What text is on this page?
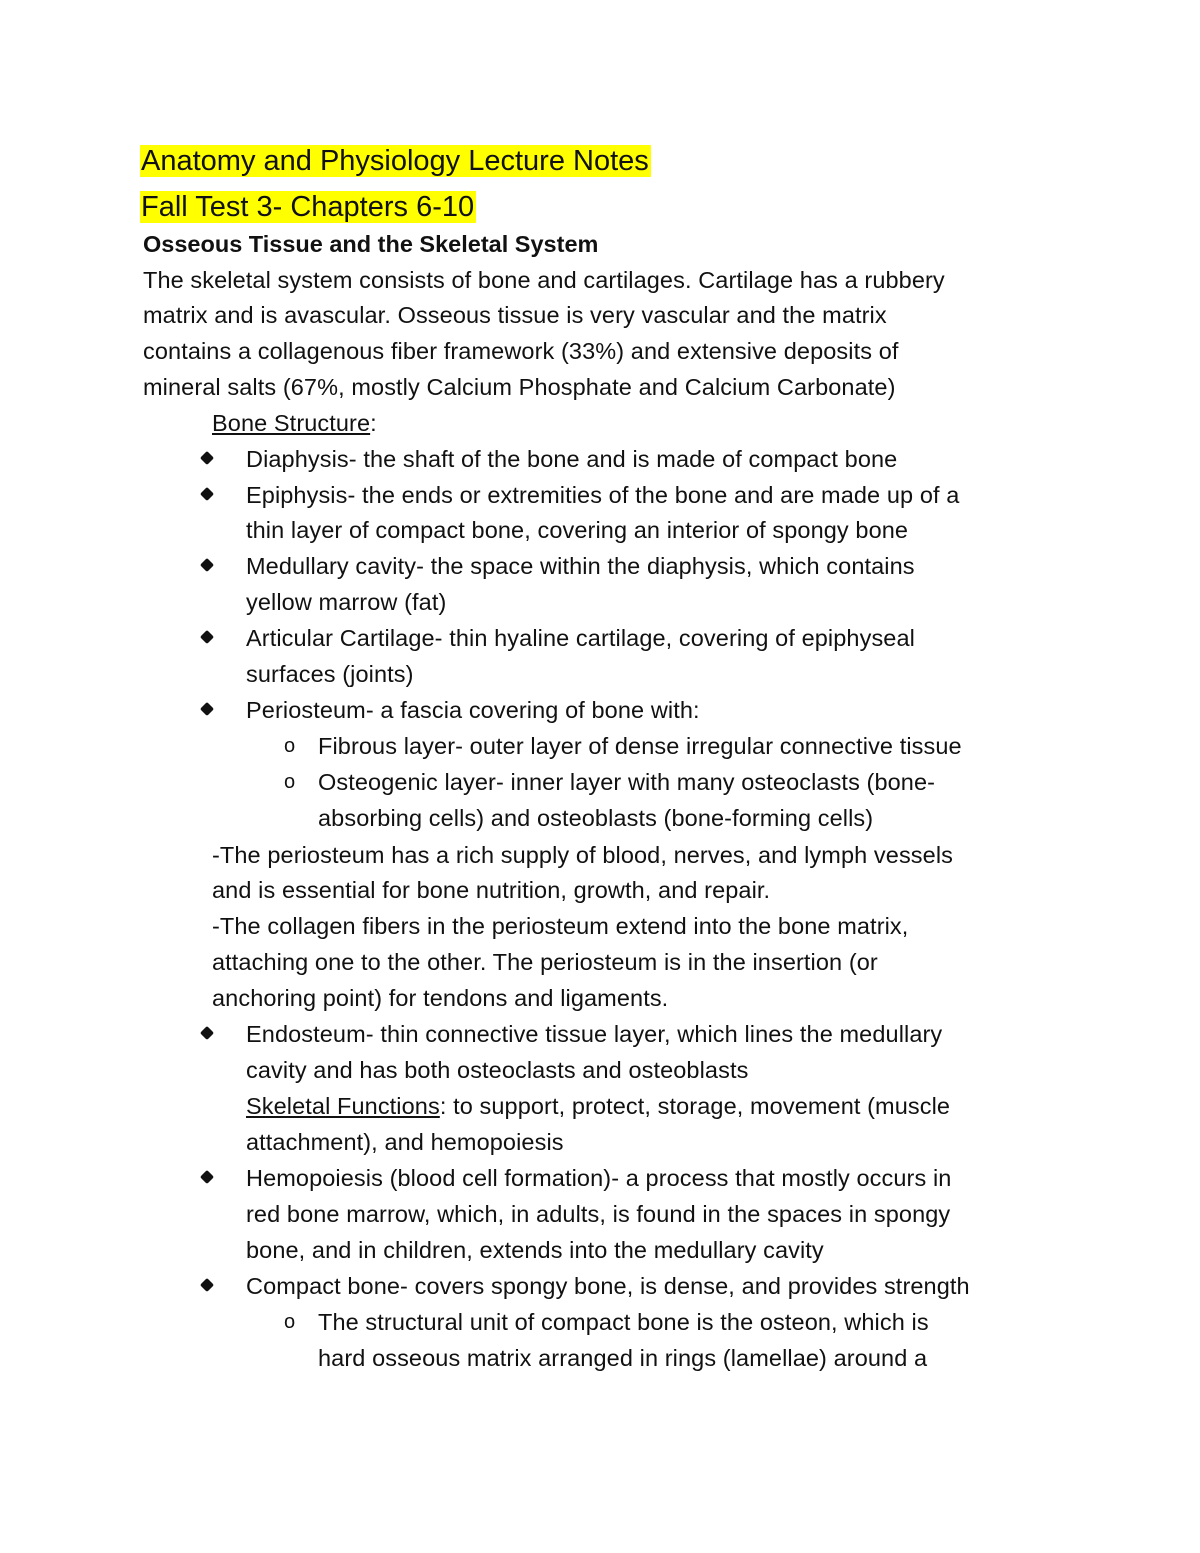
Anatomy and Physiology Lecture Notes
Fall Test 3- Chapters 6-10
Osseous Tissue and the Skeletal System
The skeletal system consists of bone and cartilages. Cartilage has a rubbery
matrix and is avascular. Osseous tissue is very vascular and the matrix
contains a collagenous fiber framework (33%) and extensive deposits of
mineral salts (67%, mostly Calcium Phosphate and Calcium Carbonate)
Bone Structure:
Diaphysis- the shaft of the bone and is made of compact bone
Epiphysis- the ends or extremities of the bone and are made up of a
thin layer of compact bone, covering an interior of spongy bone
Medullary cavity- the space within the diaphysis, which contains
yellow marrow (fat)
Articular Cartilage- thin hyaline cartilage, covering of epiphyseal
surfaces (joints)
Periosteum- a fascia covering of bone with:
o Fibrous layer- outer layer of dense irregular connective tissue
o Osteogenic layer- inner layer with many osteoclasts (bone-
absorbing cells) and osteoblasts (bone-forming cells)
-The periosteum has a rich supply of blood, nerves, and lymph vessels
and is essential for bone nutrition, growth, and repair.
-The collagen fibers in the periosteum extend into the bone matrix,
attaching one to the other. The periosteum is in the insertion (or
anchoring point) for tendons and ligaments.
Endosteum- thin connective tissue layer, which lines the medullary
cavity and has both osteoclasts and osteoblasts
Skeletal Functions: to support, protect, storage, movement (muscle
attachment), and hemopoiesis
Hemopoiesis (blood cell formation)- a process that mostly occurs in
red bone marrow, which, in adults, is found in the spaces in spongy
bone, and in children, extends into the medullary cavity
Compact bone- covers spongy bone, is dense, and provides strength
o The structural unit of compact bone is the osteon, which is
hard osseous matrix arranged in rings (lamellae) around a
